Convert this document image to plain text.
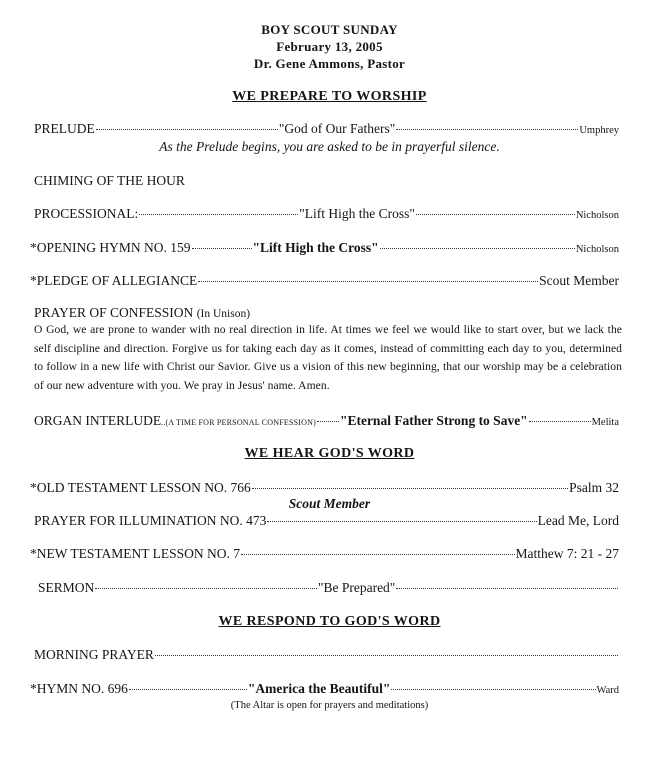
BOY SCOUT SUNDAY
February 13, 2005
Dr. Gene Ammons, Pastor
WE PREPARE TO WORSHIP
PRELUDE	"God of Our Fathers"	Umphrey
As the Prelude begins, you are asked to be in prayerful silence.
CHIMING OF THE HOUR
PROCESSIONAL:	"Lift High the Cross"	Nicholson
*OPENING HYMN NO. 159	"Lift High the Cross"	Nicholson
*PLEDGE OF ALLEGIANCE	Scout Member
PRAYER OF CONFESSION (In Unison)
O God, we are prone to wander with no real direction in life. At times we feel we would like to start over, but we lack the self discipline and direction. Forgive us for taking each day as it comes, instead of committing each day to you, determined to follow in a new life with Christ our Savior. Give us a vision of this new beginning, that our worship may be a celebration of our new adventure with you. We pray in Jesus' name. Amen.
ORGAN INTERLUDE ..(A TIME FOR PERSONAL CONFESSION) "Eternal Father Strong to Save"	Melita
WE HEAR GOD'S WORD
*OLD TESTAMENT LESSON NO. 766	Psalm 32
Scout Member
PRAYER FOR ILLUMINATION NO. 473	Lead Me, Lord
*NEW TESTAMENT LESSON NO. 7	Matthew 7: 21 - 27
SERMON	"Be Prepared"
WE RESPOND TO GOD'S WORD
MORNING PRAYER
*HYMN NO. 696	"America the Beautiful"	Ward
(The Altar is open for prayers and meditations)
